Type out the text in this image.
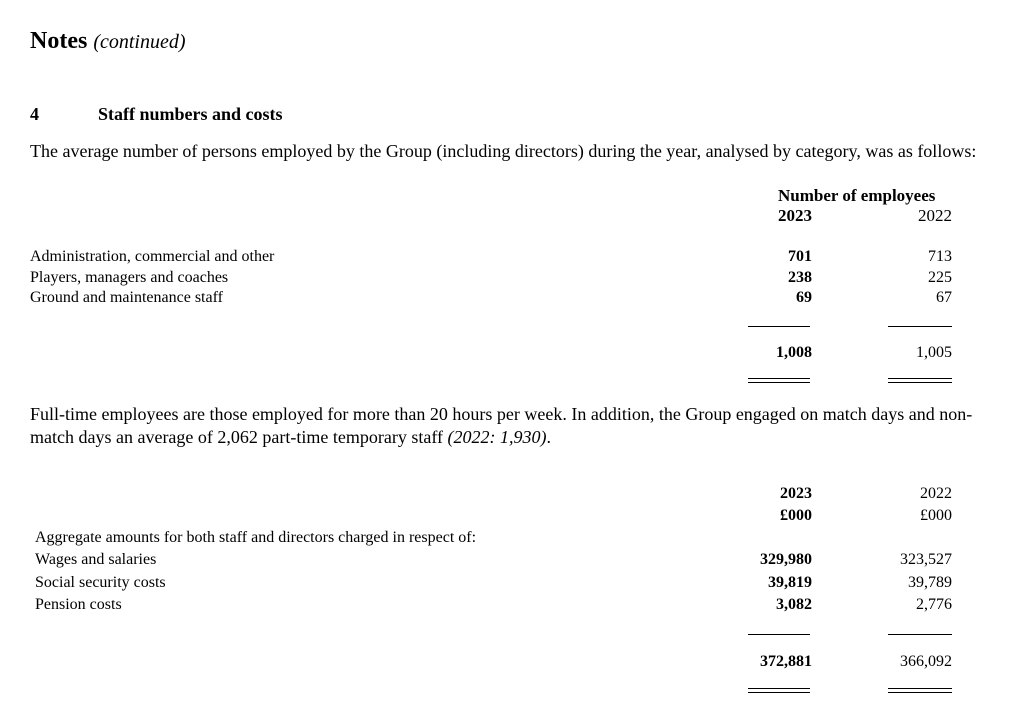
Notes (continued)
4	Staff numbers and costs
The average number of persons employed by the Group (including directors) during the year, analysed by category, was as follows:
Number of employees
2023	2022
Administration, commercial and other	701	713
Players, managers and coaches	238	225
Ground and maintenance staff	69	67
1,008	1,005
Full-time employees are those employed for more than 20 hours per week. In addition, the Group engaged on match days and non-match days an average of 2,062 part-time temporary staff (2022: 1,930).
2023	2022
£000	£000
Aggregate amounts for both staff and directors charged in respect of:
Wages and salaries	329,980	323,527
Social security costs	39,819	39,789
Pension costs	3,082	2,776
372,881	366,092
